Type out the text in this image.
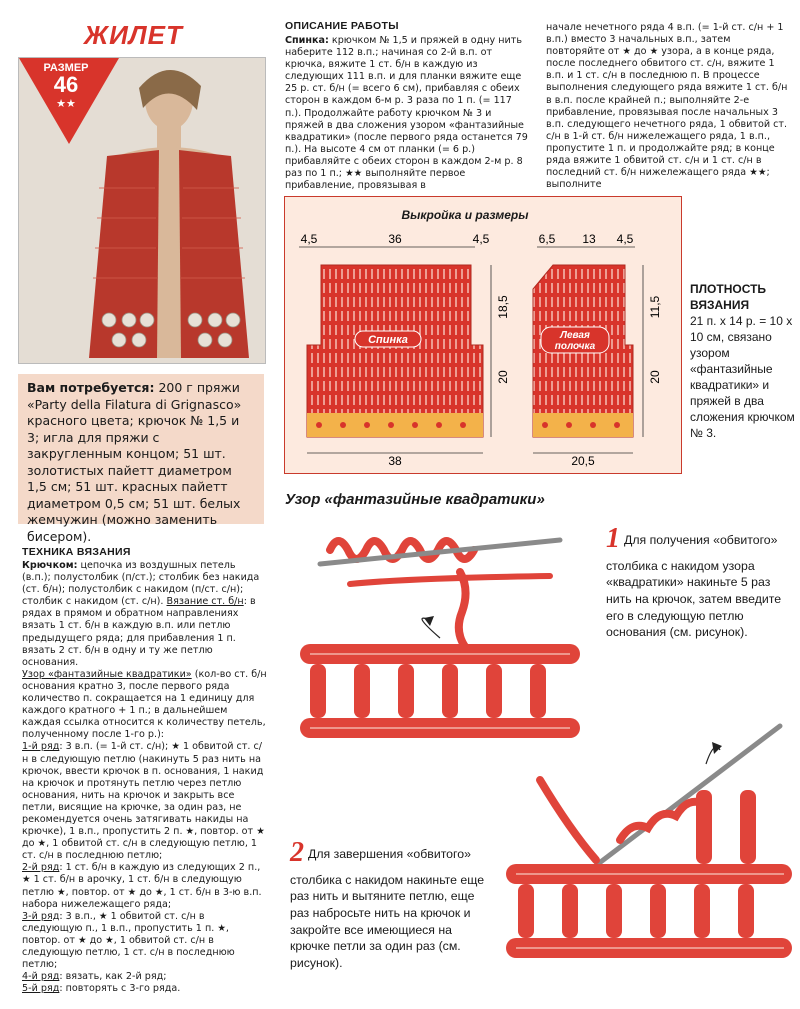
ЖИЛЕТ
РАЗМЕР
46
★★
Вам потребуется: 200 г пряжи «Party della Filatura di Grignasco» красного цвета; крючок № 1,5 и 3; игла для пряжи с закругленным концом; 51 шт. золотистых пайетт диаметром 1,5 см; 51 шт. красных пайетт диаметром 0,5 см; 51 шт. белых жемчужин (можно заменить бисером).
ТЕХНИКА ВЯЗАНИЯ
Крючком: цепочка из воздушных петель (в.п.); полустолбик (п/ст.); столбик без накида (ст. б/н); полустолбик с накидом (п/ст. с/н); столбик с накидом (ст. с/н). Вязание ст. б/н: в рядах в прямом и обратном направлениях вязать 1 ст. б/н в каждую в.п. или петлю предыдущего ряда; для прибавления 1 п. вязать 2 ст. б/н в одну и ту же петлю основания.
Узор «фантазийные квадратики» (кол-во ст. б/н основания кратно 3, после первого ряда количество п. сокращается на 1 единицу для каждого кратного + 1 п.; в дальнейшем каждая ссылка относится к количеству петель, полученному после 1-го р.):
1-й ряд: 3 в.п. (= 1-й ст. с/н); ★ 1 обвитой ст. с/н в следующую петлю (накинуть 5 раз нить на крючок, ввести крючок в п. основания, 1 накид на крючок и протянуть петлю через петлю основания, нить на крючок и закрыть все петли, висящие на крючке, за один раз, не рекомендуется очень затягивать накиды на крючке), 1 в.п., пропустить 2 п. ★, повтор. от ★ до ★, 1 обвитой ст. с/н в следующую петлю, 1 ст. с/н в последнюю петлю;
2-й ряд: 1 ст. б/н в каждую из следующих 2 п., ★ 1 ст. б/н в арочку, 1 ст. б/н в следующую петлю ★, повтор. от ★ до ★, 1 ст. б/н в 3-ю в.п. набора нижележащего ряда;
3-й ряд: 3 в.п., ★ 1 обвитой ст. с/н в следующую п., 1 в.п., пропустить 1 п. ★, повтор. от ★ до ★, 1 обвитой ст. с/н в следующую петлю, 1 ст. с/н в последнюю петлю;
4-й ряд: вязать, как 2-й ряд;
5-й ряд: повторять с 3-го ряда.
ОПИСАНИЕ РАБОТЫ
Спинка: крючком № 1,5 и пряжей в одну нить наберите 112 в.п.; начиная со 2-й в.п. от крючка, вяжите 1 ст. б/н в каждую из следующих 111 в.п. и для планки вяжите еще 25 р. ст. б/н (= всего 6 см), прибавляя с обеих сторон в каждом 6-м р. 3 раза по 1 п. (= 117 п.). Продолжайте работу крючком № 3 и пряжей в два сложения узором «фантазийные квадратики» (после первого ряда останется 79 п.). На высоте 4 см от планки (= 6 р.) прибавляйте с обеих сторон в каждом 2-м р. 8 раз по 1 п.; ★★ выполняйте первое прибавление, провязывая в
начале нечетного ряда 4 в.п. (= 1-й ст. с/н + 1 в.п.) вместо 3 начальных в.п., затем повторяйте от ★ до ★ узора, а в конце ряда, после последнего обвитого ст. с/н, вяжите 1 в.п. и 1 ст. с/н в последнюю п. В процессе выполнения следующего ряда вяжите 1 ст. б/н в в.п. после крайней п.; выполняйте 2-е прибавление, провязывая после начальных 3 в.п. следующего нечетного ряда, 1 обвитой ст. с/н в 1-й ст. б/н нижележащего ряда, 1 в.п., пропустите 1 п. и продолжайте ряд; в конце ряда вяжите 1 обвитой ст. с/н и 1 ст. с/н в последний ст. б/н нижележащего ряда ★★; выполните
Выкройка и размеры
Спинка
4,5	36	4,5
18,5
20
38
Левая
полочка
6,5 13 4,5
11,5
20
20,5
ПЛОТНОСТЬ
ВЯЗАНИЯ
21 п. х 14 р. = 10 х 10 см, связано узором «фантазийные квадратики» и пряжей в два сложения крючком № 3.
Узор «фантазийные квадратики»
1 Для получения «обвитого» столбика с накидом узора «квадратики» накиньте 5 раз нить на крючок, затем введите его в следующую петлю основания (см. рисунок).
2 Для завершения «обвитого» столбика с накидом накиньте еще раз нить и вытяните петлю, еще раз набросьте нить на крючок и закройте все имеющиеся на крючке петли за один раз (см. рисунок).
